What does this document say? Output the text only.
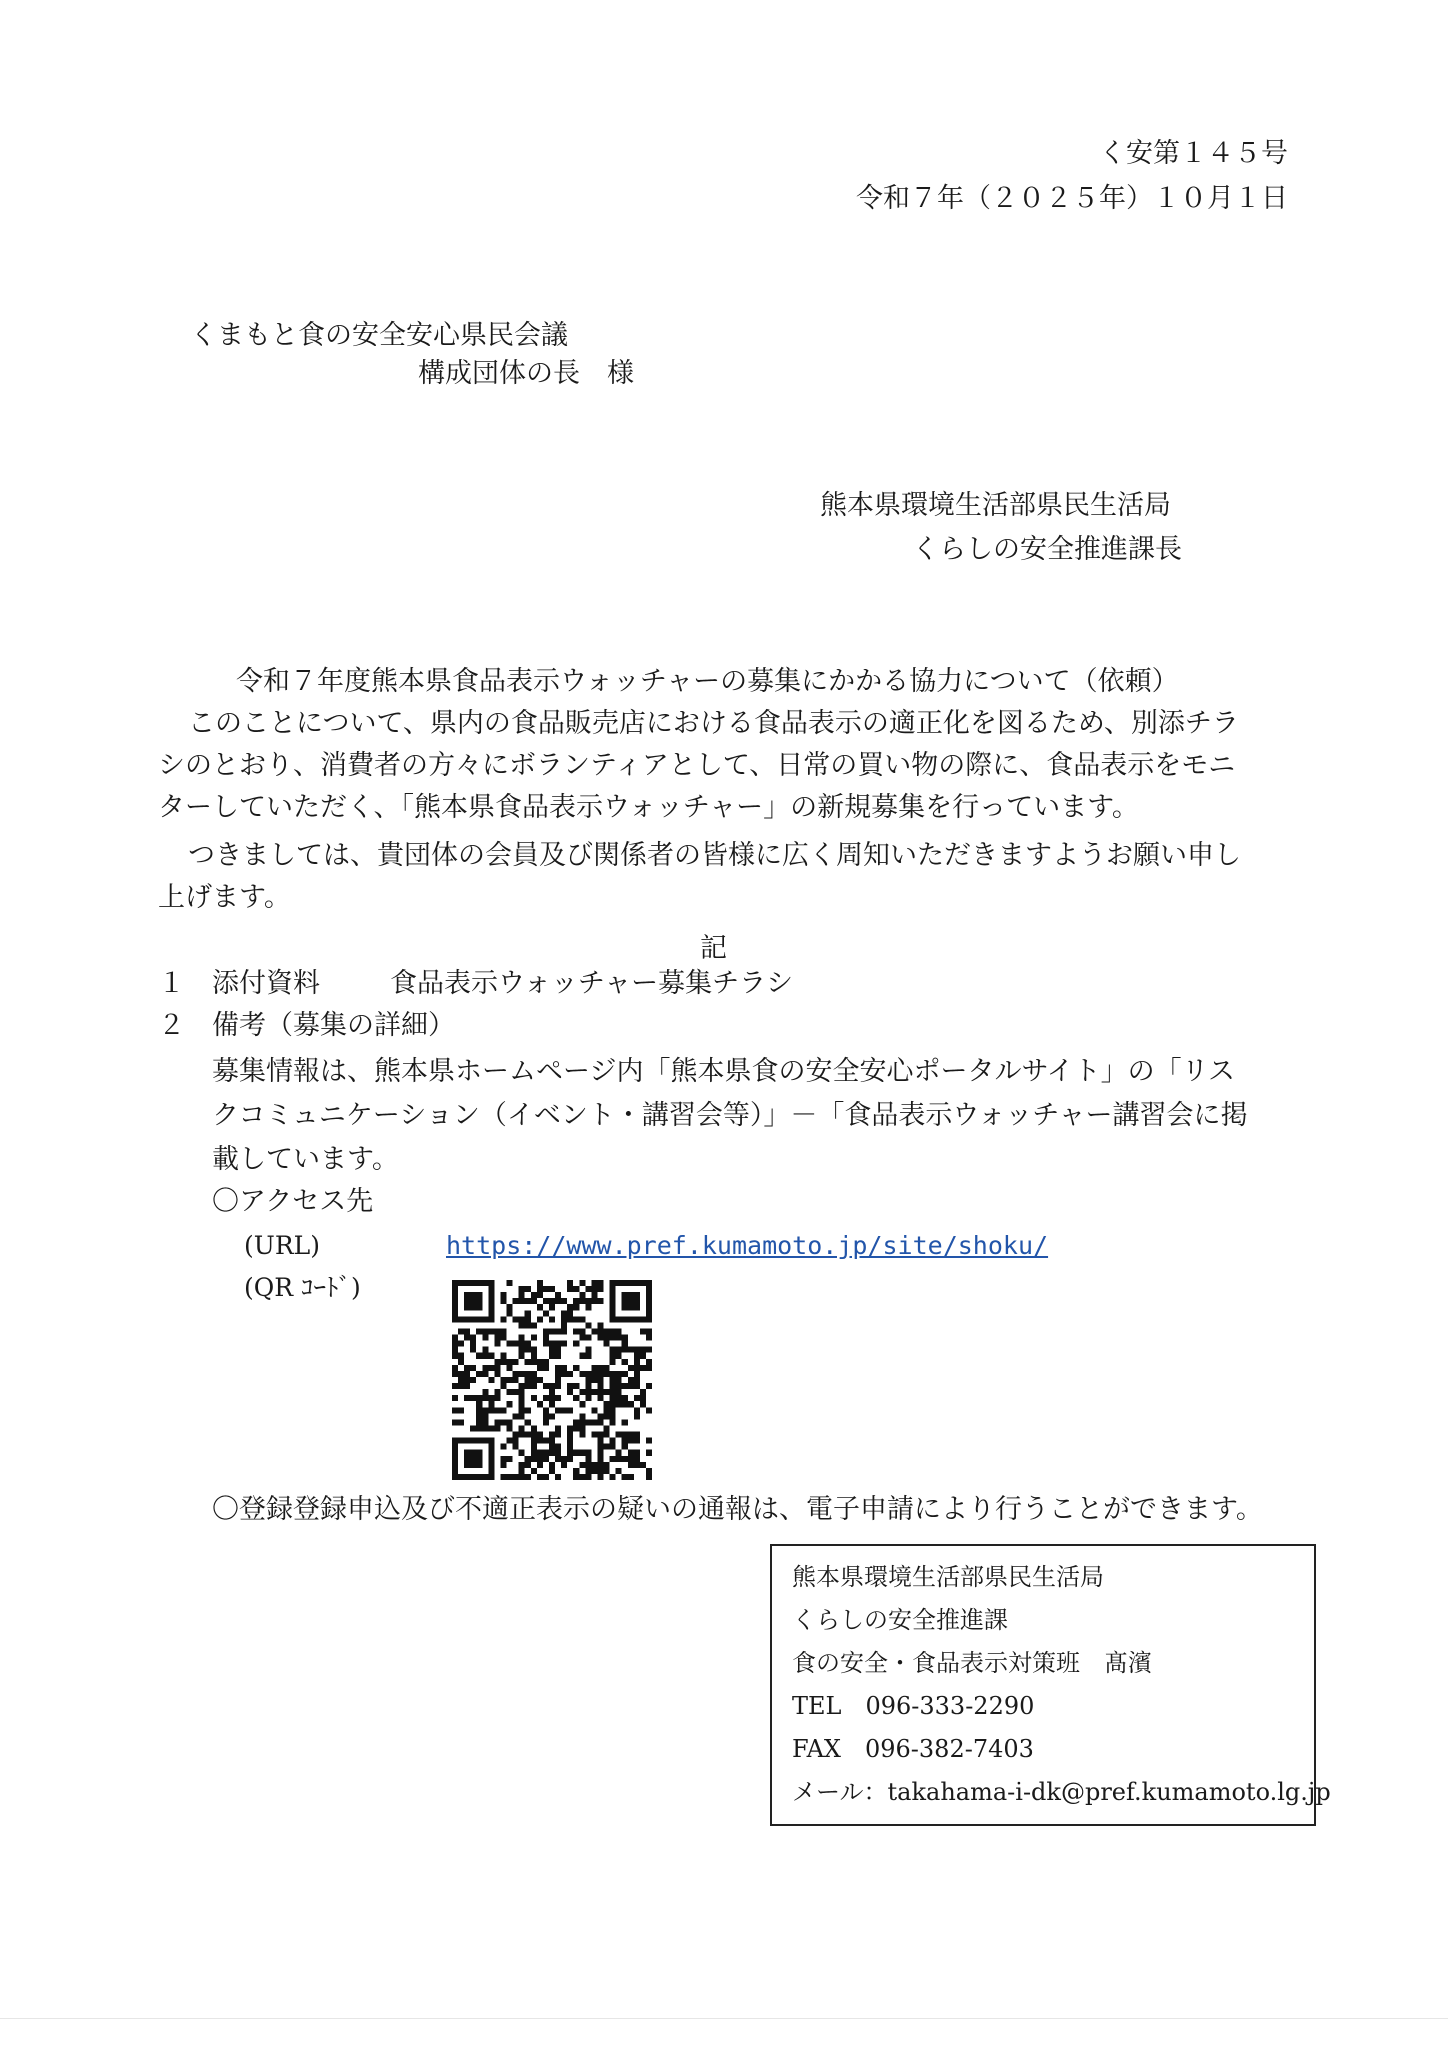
く安第１４５号
令和７年（２０２５年）１０月１日
くまもと食の安全安心県民会議
構成団体の長　様
熊本県環境生活部県民生活局
くらしの安全推進課長
令和７年度熊本県食品表示ウォッチャーの募集にかかる協力について（依頼）
このことについて、県内の食品販売店における食品表示の適正化を図るため、別添チラ
シのとおり、消費者の方々にボランティアとして、日常の買い物の際に、食品表示をモニ
ターしていただく、「熊本県食品表示ウォッチャー」の新規募集を行っています。
つきましては、貴団体の会員及び関係者の皆様に広く周知いただきますようお願い申し
上げます。
記
１ 添付資料	食品表示ウォッチャー募集チラシ
２ 備考（募集の詳細）
募集情報は、熊本県ホームページ内「熊本県食の安全安心ポータルサイト」の「リス
クコミュニケーション（イベント・講習会等）」－「食品表示ウォッチャー講習会に掲
載しています。
〇アクセス先
(URL)	https://www.pref.kumamoto.jp/site/shoku/
(QR ｺｰﾄﾞ)
〇登録登録申込及び不適正表示の疑いの通報は、電子申請により行うことができます。
熊本県環境生活部県民生活局
くらしの安全推進課
食の安全・食品表示対策班　髙濱
TEL　096-333-2290
FAX　096-382-7403
メール：takahama-i-dk@pref.kumamoto.lg.jp
